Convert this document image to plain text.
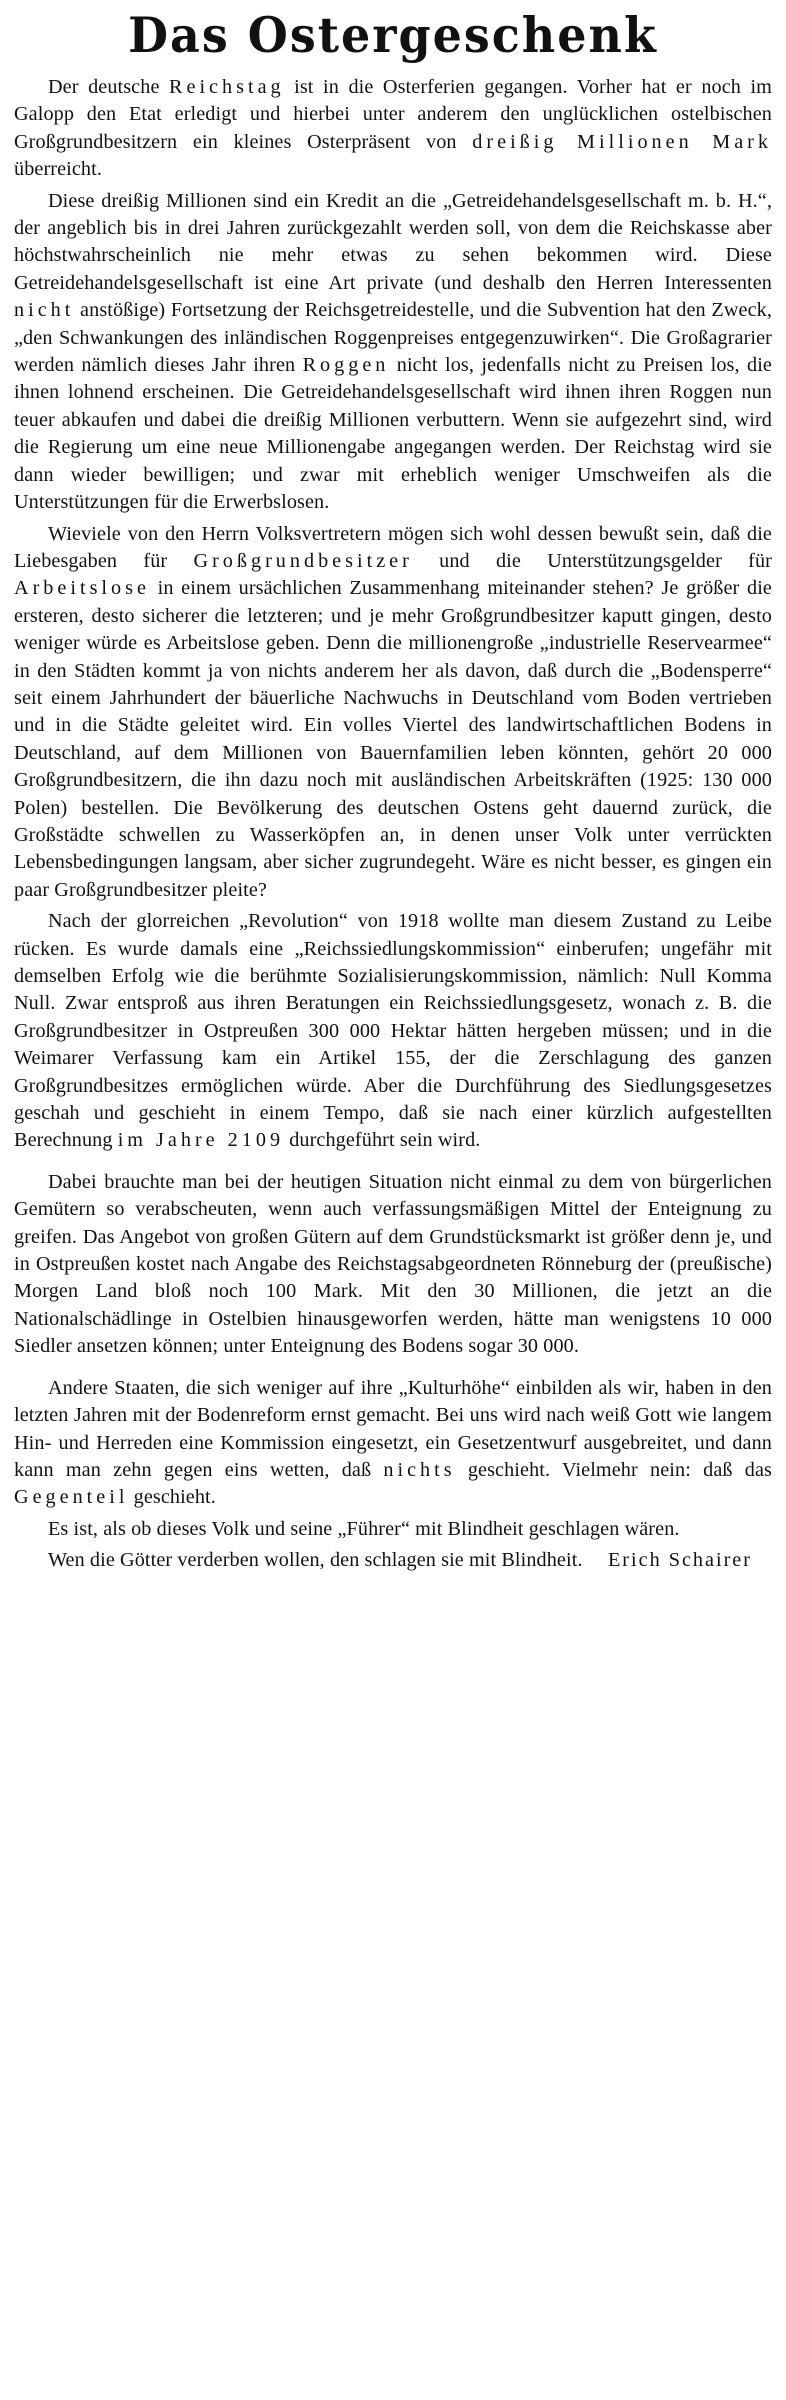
Das Ostergeschenk

Der deutsche Reichstag ist in die Osterferien gegangen. Vorher hat er noch im Galopp den Etat erledigt und hierbei unter anderem den unglücklichen ostelbischen Großgrundbesitzern ein kleines Osterpräsent von dreißig Millionen Mark überreicht.

Diese dreißig Millionen sind ein Kredit an die „Getreidehandelsgesellschaft m. b. H.“, der angeblich bis in drei Jahren zurückgezahlt werden soll, von dem die Reichskasse aber höchstwahrscheinlich nie mehr etwas zu sehen bekommen wird. Diese Getreidehandelsgesellschaft ist eine Art private (und deshalb den Herren Interessenten nicht anstößige) Fortsetzung der Reichsgetreidestelle, und die Subvention hat den Zweck, „den Schwankungen des inländischen Roggenpreises entgegenzuwirken“. Die Großagrarier werden nämlich dieses Jahr ihren Roggen nicht los, jedenfalls nicht zu Preisen los, die ihnen lohnend erscheinen. Die Getreidehandelsgesellschaft wird ihnen ihren Roggen nun teuer abkaufen und dabei die dreißig Millionen verbuttern. Wenn sie aufgezehrt sind, wird die Regierung um eine neue Millionengabe angegangen werden. Der Reichstag wird sie dann wieder bewilligen; und zwar mit erheblich weniger Umschweifen als die Unterstützungen für die Erwerbslosen.

Wieviele von den Herrn Volksvertretern mögen sich wohl dessen bewußt sein, daß die Liebesgaben für Großgrundbesitzer und die Unterstützungsgelder für Arbeitslose in einem ursächlichen Zusammenhang miteinander stehen? Je größer die ersteren, desto sicherer die letzteren; und je mehr Großgrundbesitzer kaputt gingen, desto weniger würde es Arbeitslose geben. Denn die millionengroße „industrielle Reservearmee“ in den Städten kommt ja von nichts anderem her als davon, daß durch die „Bodensperre“ seit einem Jahrhundert der bäuerliche Nachwuchs in Deutschland vom Boden vertrieben und in die Städte geleitet wird. Ein volles Viertel des landwirtschaftlichen Bodens in Deutschland, auf dem Millionen von Bauernfamilien leben könnten, gehört 20 000 Großgrundbesitzern, die ihn dazu noch mit ausländischen Arbeitskräften (1925: 130 000 Polen) bestellen. Die Bevölkerung des deutschen Ostens geht dauernd zurück, die Großstädte schwellen zu Wasserköpfen an, in denen unser Volk unter verrückten Lebensbedingungen langsam, aber sicher zugrundegeht. Wäre es nicht besser, es gingen ein paar Großgrundbesitzer pleite?

Nach der glorreichen „Revolution“ von 1918 wollte man diesem Zustand zu Leibe rücken. Es wurde damals eine „Reichssiedlungskommission“ einberufen; ungefähr mit demselben Erfolg wie die berühmte Sozialisierungskommission, nämlich: Null Komma Null. Zwar entsproß aus ihren Beratungen ein Reichssiedlungsgesetz, wonach z. B. die Großgrundbesitzer in Ostpreußen 300 000 Hektar hätten hergeben müssen; und in die Weimarer Verfassung kam ein Artikel 155, der die Zerschlagung des ganzen Großgrundbesitzes ermöglichen würde. Aber die Durchführung des Siedlungsgesetzes geschah und geschieht in einem Tempo, daß sie nach einer kürzlich aufgestellten Berechnung im Jahre 2109 durchgeführt sein wird.

Dabei brauchte man bei der heutigen Situation nicht einmal zu dem von bürgerlichen Gemütern so verabscheuten, wenn auch verfassungsmäßigen Mittel der Enteignung zu greifen. Das Angebot von großen Gütern auf dem Grundstücksmarkt ist größer denn je, und in Ostpreußen kostet nach Angabe des Reichstagsabgeordneten Rönneburg der (preußische) Morgen Land bloß noch 100 Mark. Mit den 30 Millionen, die jetzt an die Nationalschädlinge in Ostelbien hinausgeworfen werden, hätte man wenigstens 10 000 Siedler ansetzen können; unter Enteignung des Bodens sogar 30 000.

Andere Staaten, die sich weniger auf ihre „Kulturhöhe“ einbilden als wir, haben in den letzten Jahren mit der Bodenreform ernst gemacht. Bei uns wird nach weiß Gott wie langem Hin- und Herreden eine Kommission eingesetzt, ein Gesetzentwurf ausgebreitet, und dann kann man zehn gegen eins wetten, daß nichts geschieht. Vielmehr nein: daß das Gegenteil geschieht.

Es ist, als ob dieses Volk und seine „Führer“ mit Blindheit geschlagen wären.

Wen die Götter verderben wollen, den schlagen sie mit Blindheit. Erich Schairer
